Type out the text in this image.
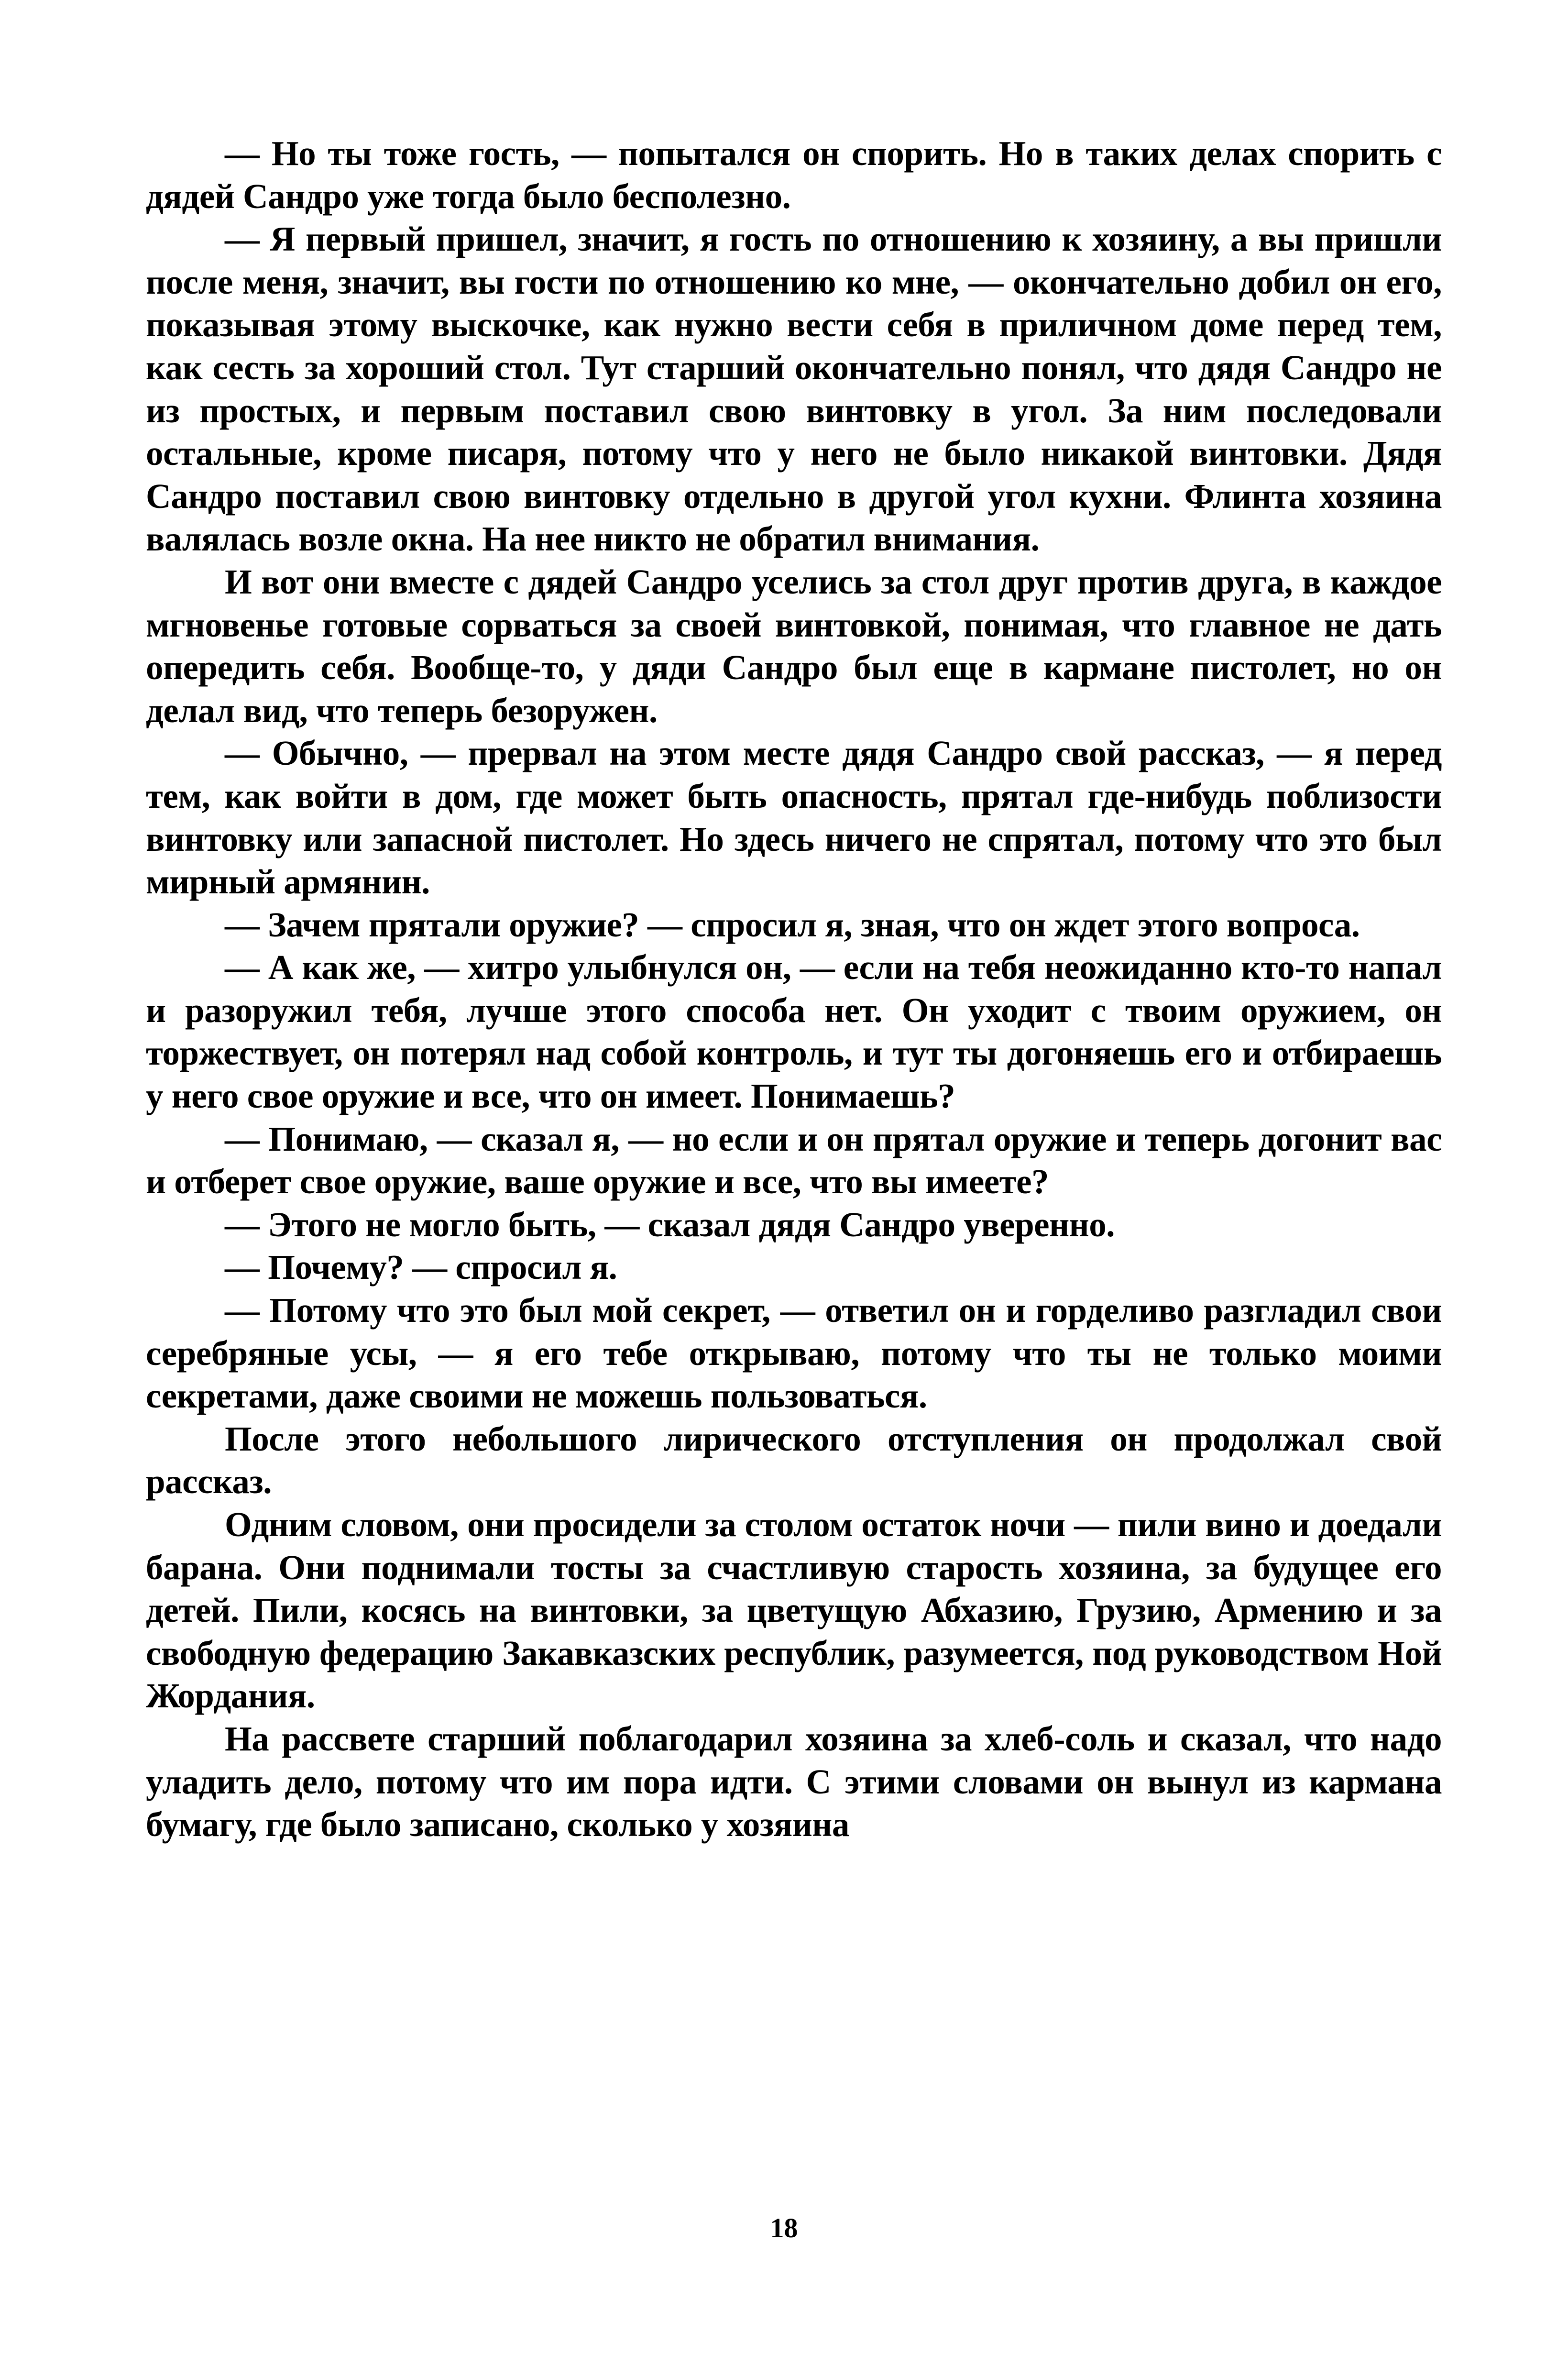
— Но ты тоже гость, — попытался он спорить. Но в таких делах спорить с дядей Сандро уже тогда было бесполезно.

— Я первый пришел, значит, я гость по отношению к хозяину, а вы пришли после меня, значит, вы гости по отношению ко мне, — окончательно добил он его, показывая этому выскочке, как нужно вести себя в приличном доме перед тем, как сесть за хороший стол. Тут старший окончательно понял, что дядя Сандро не из простых, и первым поставил свою винтовку в угол. За ним последовали остальные, кроме писаря, потому что у него не было никакой винтовки. Дядя Сандро поставил свою винтовку отдельно в другой угол кухни. Флинта хозяина валялась возле окна. На нее никто не обратил внимания.

И вот они вместе с дядей Сандро уселись за стол друг против друга, в каждое мгновенье готовые сорваться за своей винтовкой, понимая, что главное не дать опередить себя. Вообще-то, у дяди Сандро был еще в кармане пистолет, но он делал вид, что теперь безоружен.

— Обычно, — прервал на этом месте дядя Сандро свой рассказ, — я перед тем, как войти в дом, где может быть опасность, прятал где-нибудь поблизости винтовку или запасной пистолет. Но здесь ничего не спрятал, потому что это был мирный армянин.

— Зачем прятали оружие? — спросил я, зная, что он ждет этого вопроса.

— А как же, — хитро улыбнулся он, — если на тебя неожиданно кто-то напал и разоружил тебя, лучше этого способа нет. Он уходит с твоим оружием, он торжествует, он потерял над собой контроль, и тут ты догоняешь его и отбираешь у него свое оружие и все, что он имеет. Понимаешь?

— Понимаю, — сказал я, — но если и он прятал оружие и теперь догонит вас и отберет свое оружие, ваше оружие и все, что вы имеете?

— Этого не могло быть, — сказал дядя Сандро уверенно.

— Почему? — спросил я.

— Потому что это был мой секрет, — ответил он и горделиво разгладил свои серебряные усы, — я его тебе открываю, потому что ты не только моими секретами, даже своими не можешь пользоваться.

После этого небольшого лирического отступления он продолжал свой рассказ.

Одним словом, они просидели за столом остаток ночи — пили вино и доедали барана. Они поднимали тосты за счастливую старость хозяина, за будущее его детей. Пили, косясь на винтовки, за цветущую Абхазию, Грузию, Армению и за свободную федерацию Закавказских республик, разумеется, под руководством Ной Жордания.

На рассвете старший поблагодарил хозяина за хлеб-соль и сказал, что надо уладить дело, потому что им пора идти. С этими словами он вынул из кармана бумагу, где было записано, сколько у хозяина

18
